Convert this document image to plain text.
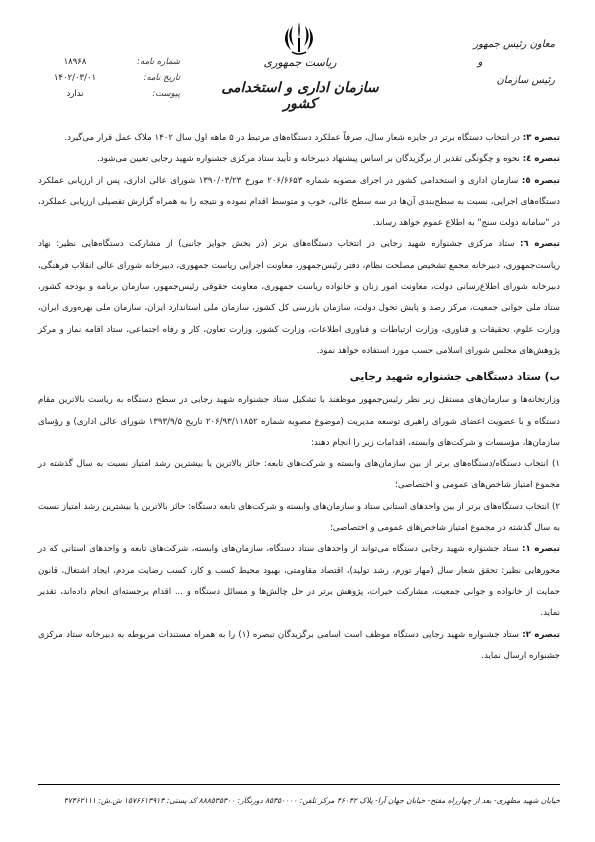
معاون رئیس جمهور
و
رئیس سازمان
ریاست جمهوری
سازمان اداری و استخدامی کشور
۱۸۹۶۸	شماره نامه:
۱۴۰۲/۰۳/۰۱	تاریخ نامه:
ندارد	پیوست:

تبصره ۳: در انتخاب دستگاه برتر در جایزه شعار سال، صرفاً عملکرد دستگاه‌های مرتبط در ۵ ماهه اول سال ۱۴۰۲ ملاک عمل قرار می‌گیرد.

تبصره ٤: نحوه و چگونگی تقدیر از برگزیدگان بر اساس پیشنهاد دبیرخانه و تأیید ستاد مرکزی جشنواره شهید رجایی تعیین می‌شود.

تبصره ٥: سازمان اداری و استخدامی کشور در اجرای مصوبه شماره ۲۰۶/۶۶۵۳ مورخ ۱۳۹۰/۰۳/۲۳ شورای عالی اداری، پس از ارزیابی عملکرد دستگاه‌های اجرایی، نسبت به سطح‌بندی آن‌ها در سه سطح عالی، خوب و متوسط اقدام نموده و نتیجه را به همراه گزارش تفصیلی ارزیابی عملکرد، در "سامانه دولت سنج" به اطلاع عموم خواهد رساند.

تبصره ٦: ستاد مرکزی جشنواره شهید رجایی در انتخاب دستگاه‌های برتر (در بخش جوایز جانبی) از مشارکت دستگاه‌هایی نظیر: نهاد ریاست‌جمهوری، دبیرخانه مجمع تشخیص مصلحت نظام، دفتر رئیس‌جمهور، معاونت اجرایی ریاست جمهوری، دبیرخانه شورای عالی انقلاب فرهنگی، دبیرخانه شورای اطلاع‌رسانی دولت، معاونت امور زنان و خانواده ریاست جمهوری، معاونت حقوقی رئیس‌جمهور، سازمان برنامه و بودجه کشور، ستاد ملی جوانی جمعیت، مرکز رصد و پایش تحول دولت، سازمان بازرسی کل کشور، سازمان ملی استاندارد ایران، سازمان ملی بهره‌وری ایران، وزارت علوم، تحقیقات و فناوری، وزارت ارتباطات و فناوری اطلاعات، وزارت کشور، وزارت تعاون، کار و رفاه اجتماعی، ستاد اقامه نماز و مرکز پژوهش‌های مجلس شورای اسلامی حسب مورد استفاده خواهد نمود.

ب) ستاد دستگاهی جشنواره شهید رجایی

وزارتخانه‌ها و سازمان‌های مستقل زیر نظر رئیس‌جمهور موظفند با تشکیل ستاد جشنواره شهید رجایی در سطح دستگاه به ریاست بالاترین مقام دستگاه و با عضویت اعضای شورای راهبری توسعه مدیریت (موضوع مصوبه شماره ۲۰۶/۹۳/۱۱۸۵۲ تاریخ ۱۳۹۳/۹/۵ شورای عالی اداری) و رؤسای سازمان‌ها، مؤسسات و شرکت‌های وابسته، اقدامات زیر را انجام دهند:

۱) انتخاب دستگاه/دستگاه‌های برتر از بین سازمان‌های وابسته و شرکت‌های تابعه: حائز بالاترین یا بیشترین رشد امتیاز نسبت به سال گذشته در مجموع امتیاز شاخص‌های عمومی و اختصاصی؛

۲) انتخاب دستگاه‌های برتر از بین واحدهای استانی ستاد و سازمان‌های وابسته و شرکت‌های تابعه دستگاه: حائز بالاترین یا بیشترین رشد امتیاز نسبت به سال گذشته در مجموع امتیاز شاخص‌های عمومی و اختصاصی؛

تبصره ۱: ستاد جشنواره شهید رجایی دستگاه می‌تواند از واحدهای ستاد دستگاه، سازمان‌های وابسته، شرکت‌های تابعه و واحدهای استانی که در محورهایی نظیر: تحقق شعار سال (مهار تورم، رشد تولید)، اقتصاد مقاومتی، بهبود محیط کسب و کار، کسب رضایت مردم، ایجاد اشتغال، قانون حمایت از خانواده و جوانی جمعیت، مشارکت خیرات، پژوهش برتر در حل چالش‌ها و مسائل دستگاه و ... اقدام برجسته‌ای انجام داده‌اند، تقدیر نماید.

تبصره ۲: ستاد جشنواره شهید رجایی دستگاه موظف است اسامی برگزیدگان تبصره (۱) را به همراه مستندات مربوطه به دبیرخانه ستاد مرکزی جشنواره ارسال نماید.

خیابان شهید مطهری- بعد از چهارراه مفتح- خیابان جهان آرا- پلاک ۴۶۰۴۲ مرکز تلفن: ۸۵۳۵۰۰۰۰ دورنگار: ۸۸۸۵۳۵۳۰۰ کد پستی: ۱۵۷۶۶۱۳۹۱۳ ش.ش: ۴۷۴۶۲۱۱۱
